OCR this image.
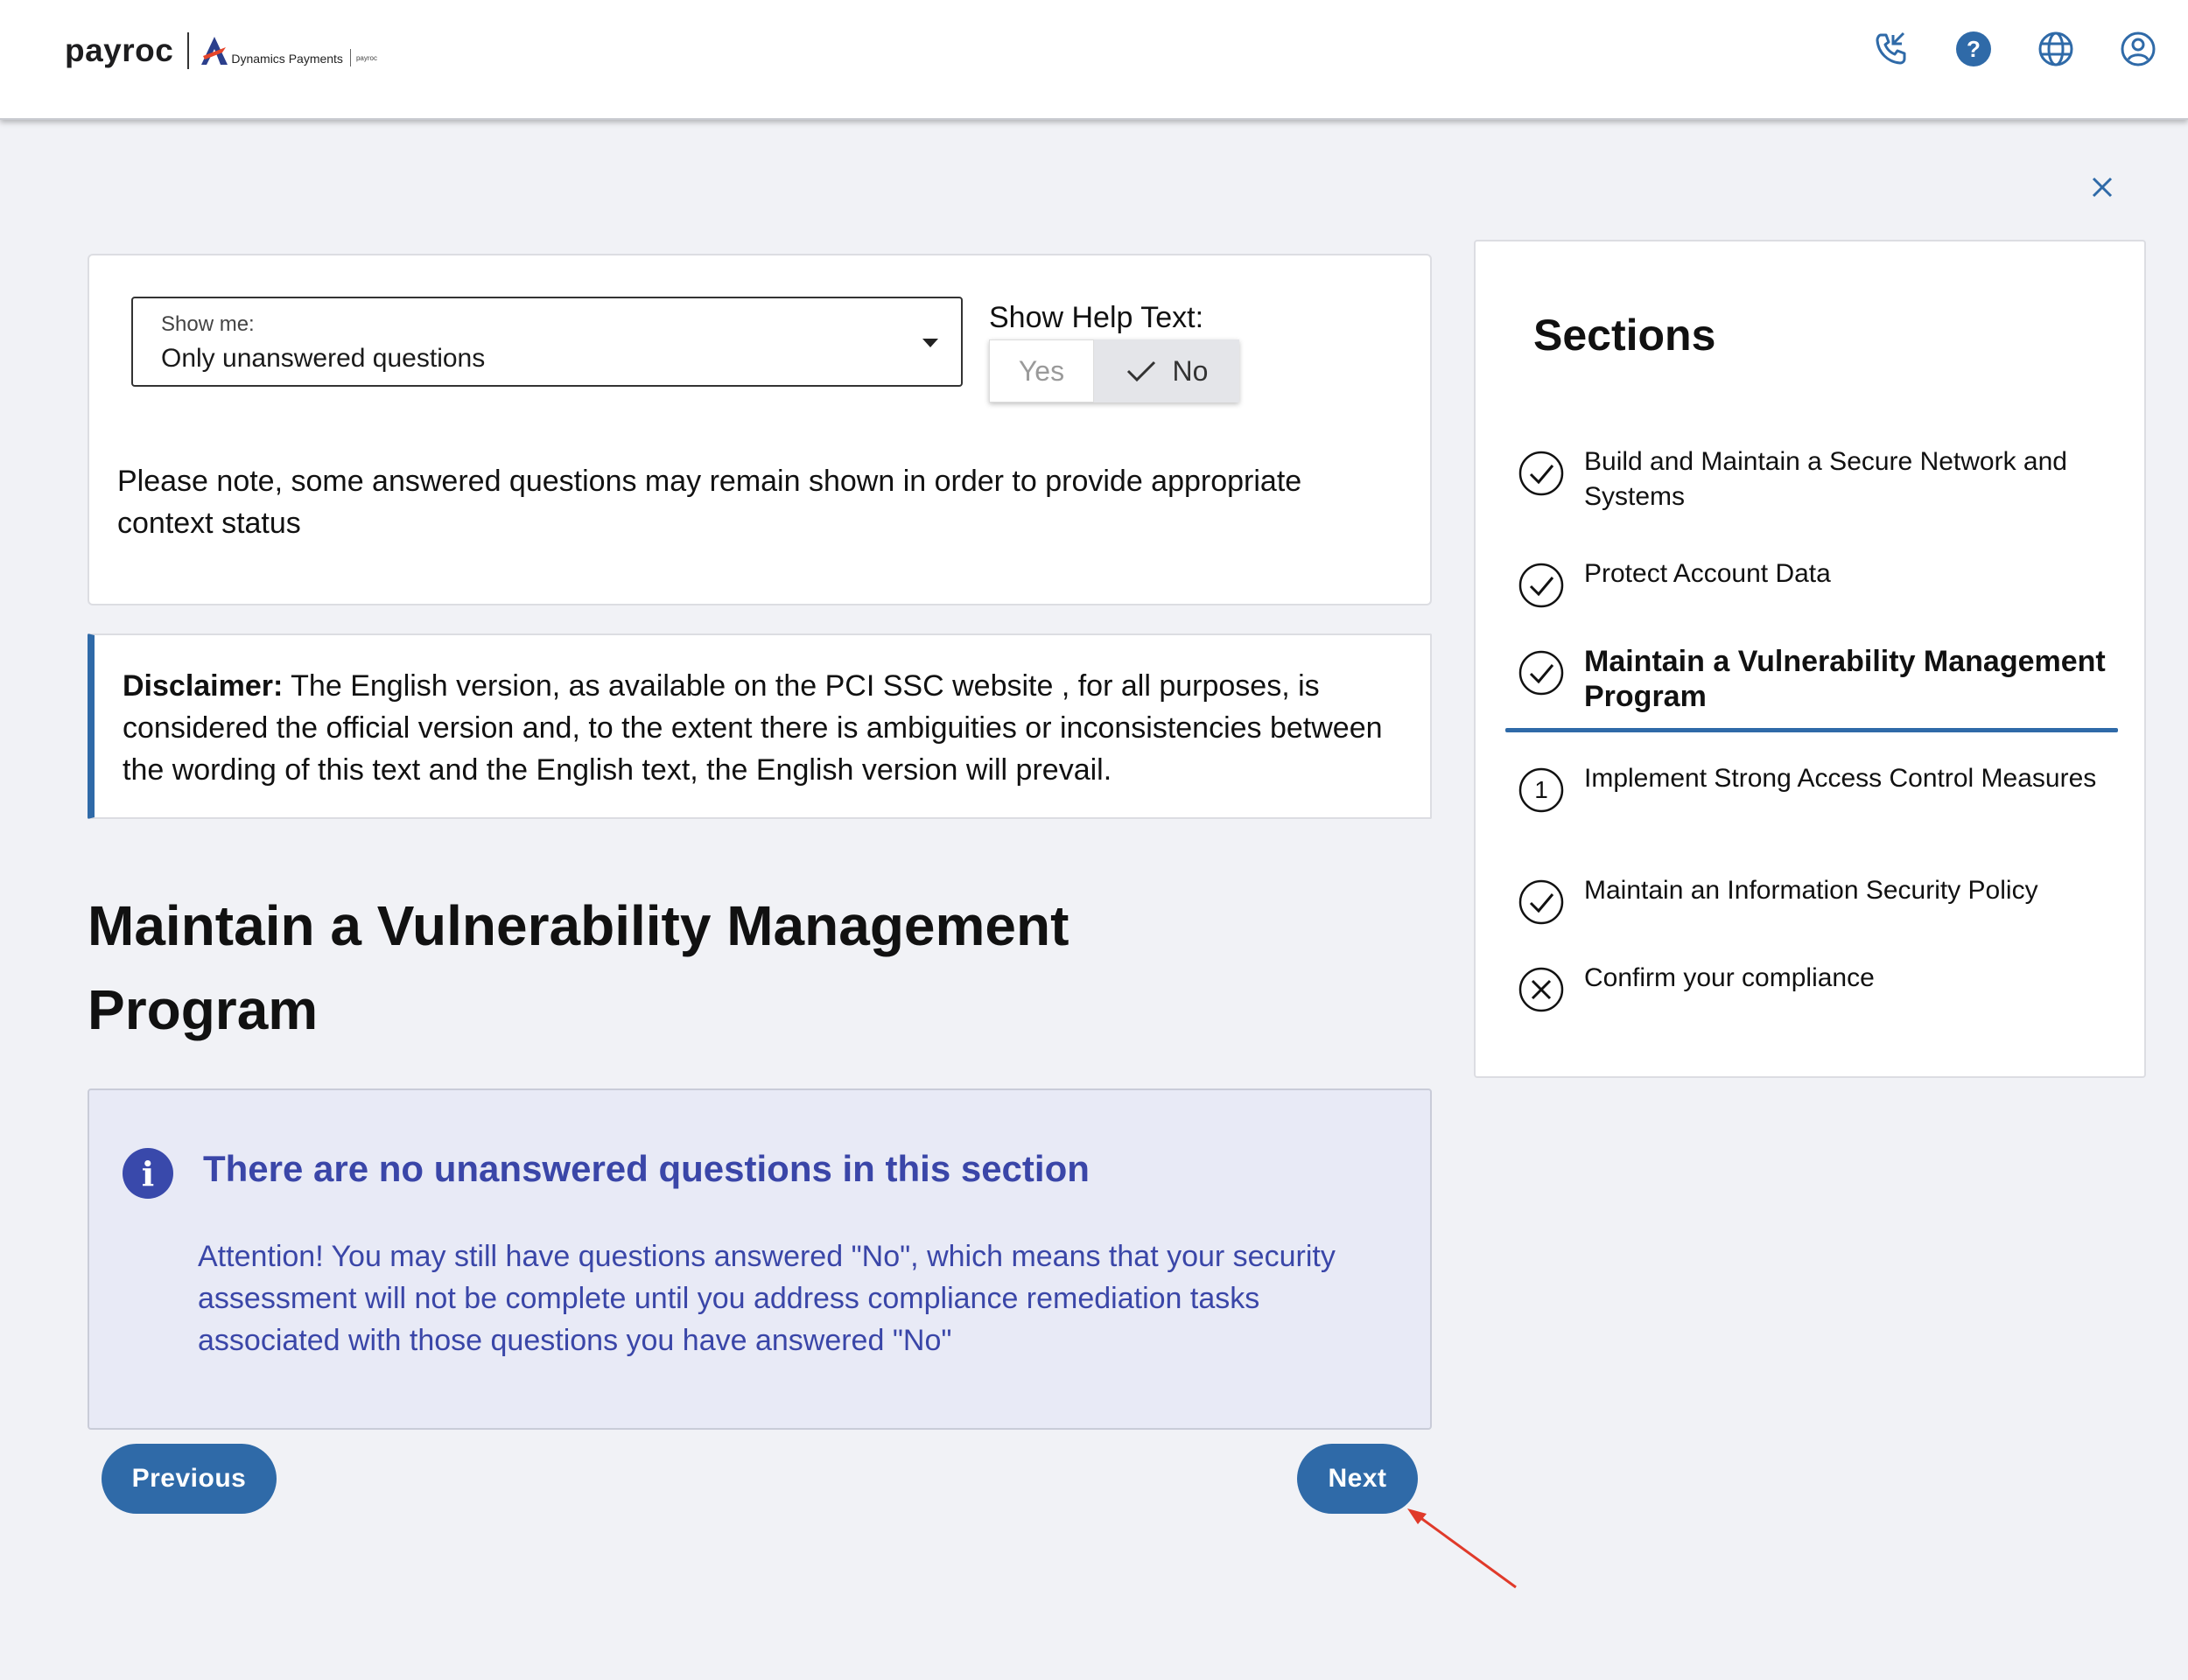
payroc	Dynamics Payments payroc	?
Show me:
Only unanswered questions
Show Help Text:
Yes	No
Please note, some answered questions may remain shown in order to provide appropriate context status
Disclaimer: The English version, as available on the PCI SSC website , for all purposes, is considered the official version and, to the extent there is ambiguities or inconsistencies between the wording of this text and the English text, the English version will prevail.
Maintain a Vulnerability Management Program
i	There are no unanswered questions in this section
Attention! You may still have questions answered "No", which means that your security assessment will not be complete until you address compliance remediation tasks associated with those questions you have answered "No"
Previous	Next
Sections
Build and Maintain a Secure Network and Systems
Protect Account Data
Maintain a Vulnerability Management Program
1	Implement Strong Access Control Measures
Maintain an Information Security Policy
Confirm your compliance
